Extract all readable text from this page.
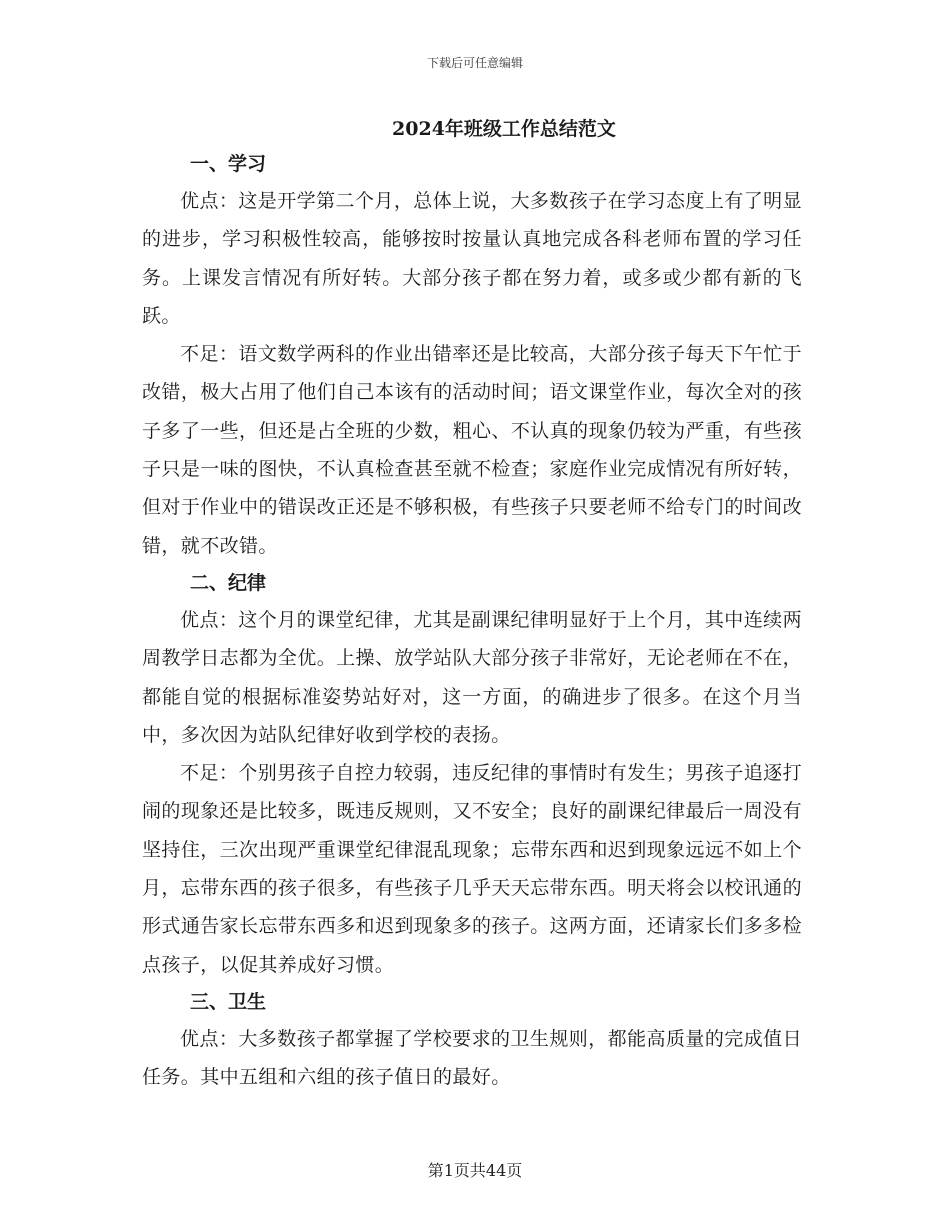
下载后可任意编辑
2024年班级工作总结范文
一、学习

优点：这是开学第二个月，总体上说，大多数孩子在学习态度上有了明显的进步，学习积极性较高，能够按时按量认真地完成各科老师布置的学习任务。上课发言情况有所好转。大部分孩子都在努力着，或多或少都有新的飞跃。

不足：语文数学两科的作业出错率还是比较高，大部分孩子每天下午忙于改错，极大占用了他们自己本该有的活动时间；语文课堂作业，每次全对的孩子多了一些，但还是占全班的少数，粗心、不认真的现象仍较为严重，有些孩子只是一味的图快，不认真检查甚至就不检查；家庭作业完成情况有所好转，但对于作业中的错误改正还是不够积极，有些孩子只要老师不给专门的时间改错，就不改错。

二、纪律

优点：这个月的课堂纪律，尤其是副课纪律明显好于上个月，其中连续两周教学日志都为全优。上操、放学站队大部分孩子非常好，无论老师在不在，都能自觉的根据标准姿势站好对，这一方面，的确进步了很多。在这个月当中，多次因为站队纪律好收到学校的表扬。

不足：个别男孩子自控力较弱，违反纪律的事情时有发生；男孩子追逐打闹的现象还是比较多，既违反规则，又不安全；良好的副课纪律最后一周没有坚持住，三次出现严重课堂纪律混乱现象；忘带东西和迟到现象远远不如上个月，忘带东西的孩子很多，有些孩子几乎天天忘带东西。明天将会以校讯通的形式通告家长忘带东西多和迟到现象多的孩子。这两方面，还请家长们多多检点孩子，以促其养成好习惯。

三、卫生

优点：大多数孩子都掌握了学校要求的卫生规则，都能高质量的完成值日任务。其中五组和六组的孩子值日的最好。

第1页共44页
